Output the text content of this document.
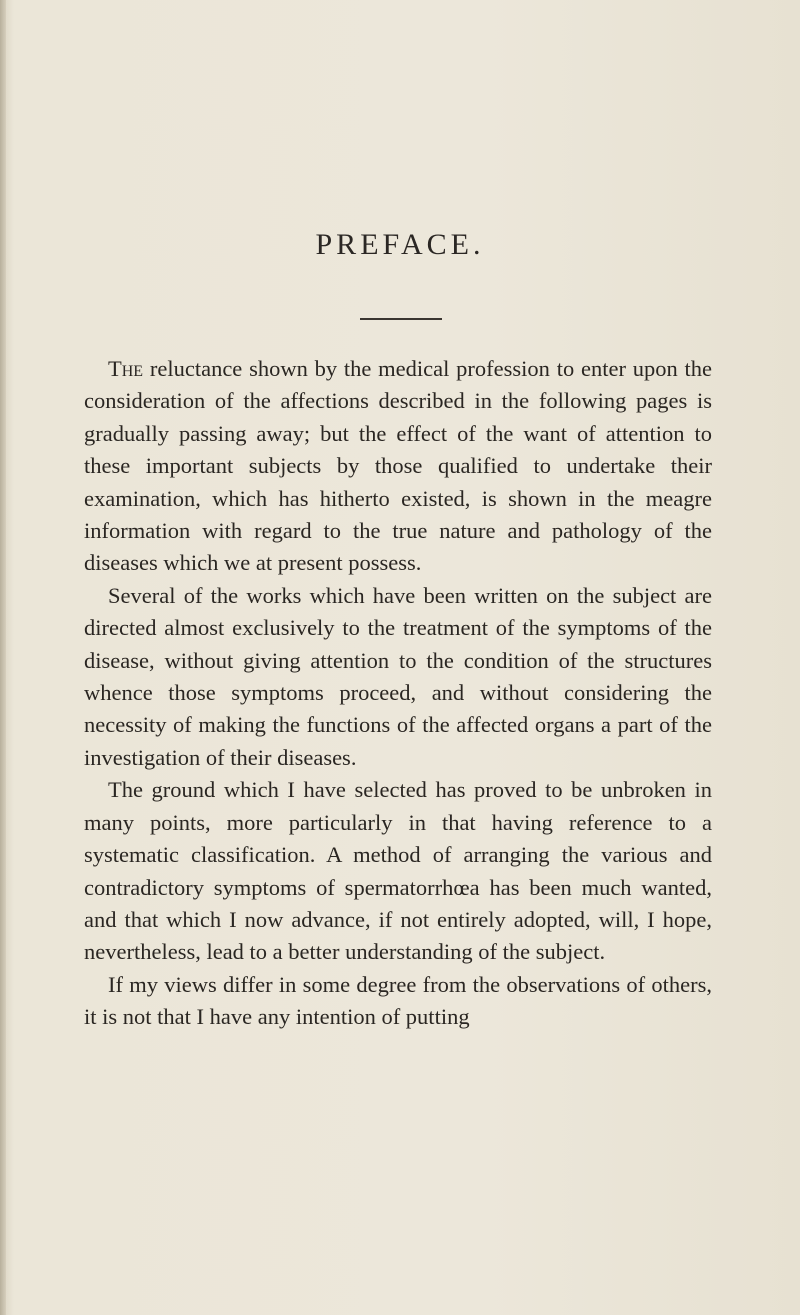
PREFACE.

The reluctance shown by the medical profession to enter upon the consideration of the affections described in the following pages is gradually passing away; but the effect of the want of attention to these important subjects by those qualified to undertake their examination, which has hitherto existed, is shown in the meagre information with regard to the true nature and pathology of the diseases which we at present possess.

Several of the works which have been written on the subject are directed almost exclusively to the treatment of the symptoms of the disease, without giving attention to the condition of the structures whence those symptoms proceed, and without considering the necessity of making the functions of the affected organs a part of the investigation of their diseases.

The ground which I have selected has proved to be unbroken in many points, more particularly in that having reference to a systematic classification. A method of arranging the various and contradictory symptoms of spermatorrhœa has been much wanted, and that which I now advance, if not entirely adopted, will, I hope, nevertheless, lead to a better understanding of the subject.

If my views differ in some degree from the observations of others, it is not that I have any intention of putting
